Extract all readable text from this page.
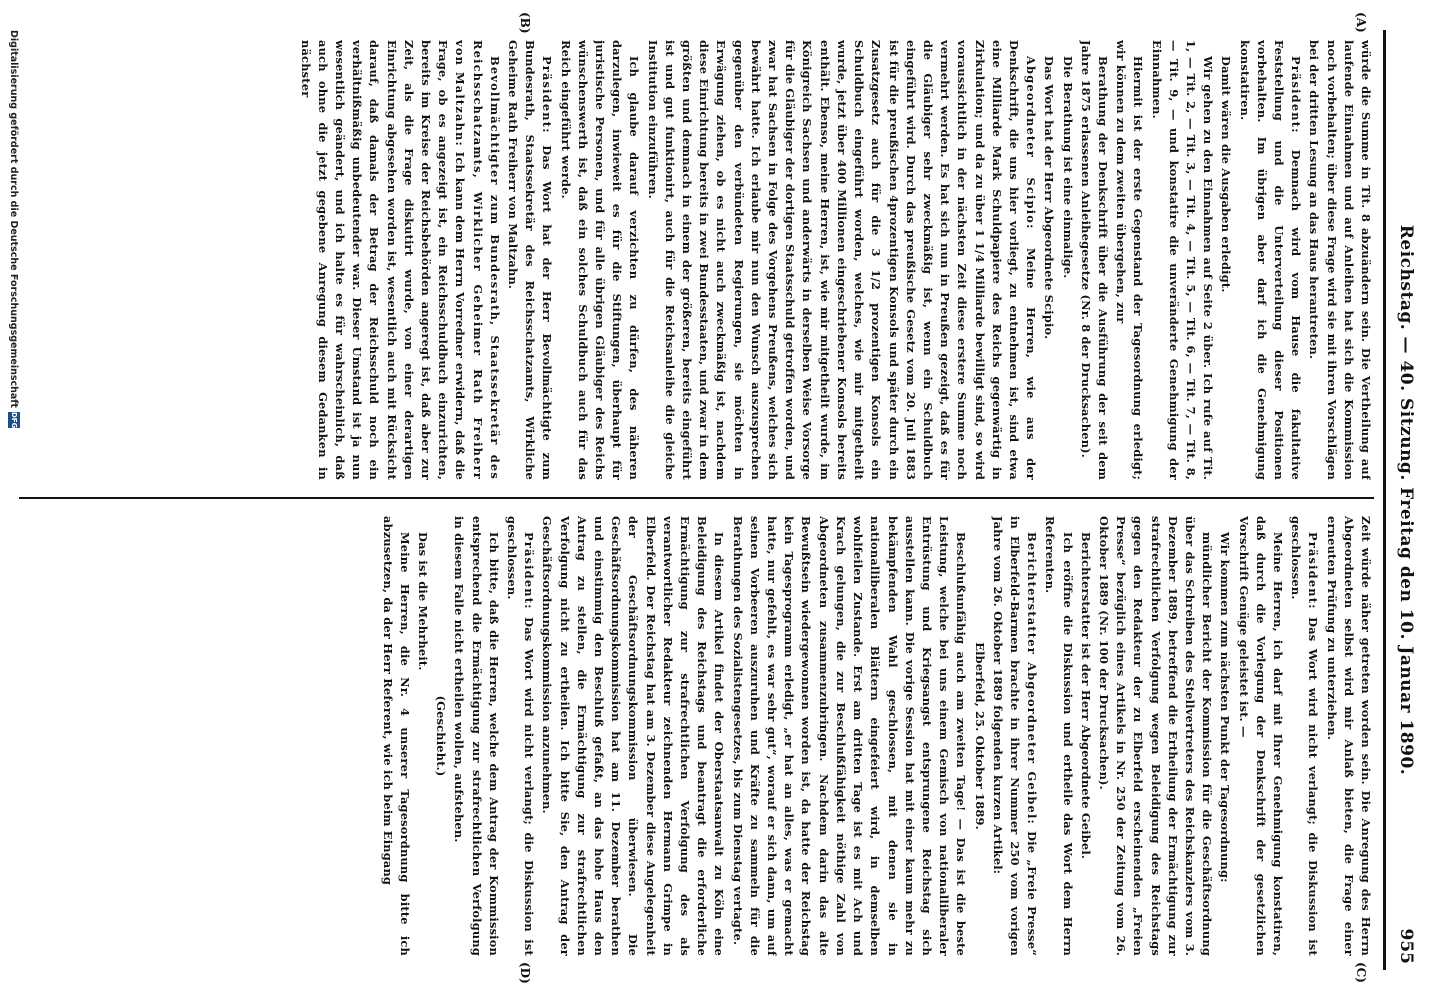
Reichstag. — 40. Sitzung. Freitag den 10. Januar 1890.
955
(A)
(B)
(C)
(D)

würde die Summe in Tit. 8 abzuändern sein. Die Vertheilung auf laufende Einnahmen und auf Anleihen hat sich die Kommission noch vorbehalten; über diese Frage wird sie mit ihren Vorschlägen bei der dritten Lesung an das Haus herantreten.

Präsident: Demnach wird vom Hause die fakultative Feststellung und die Unterverteilung dieser Positionen vorbehalten. Im übrigen aber darf ich die Genehmigung konstatiren.

Damit wären die Ausgaben erledigt.

Wir gehen zu den Einnahmen auf Seite 2 über. Ich rufe auf Tit. 1, — Tit. 2, — Tit. 3, — Tit. 4, — Tit. 5, — Tit. 6, — Tit. 7, — Tit. 8, — Tit. 9, — und konstatire die unveränderte Genehmigung der Einnahmen.

Hiermit ist der erste Gegenstand der Tagesordnung erledigt; wir können zu dem zweiten übergehen, zur

Berathung der Denkschrift über die Ausführung der seit dem Jahre 1875 erlassenen Anleihegesetze (Nr. 8 der Drucksachen).

Die Berathung ist eine einmalige.

Das Wort hat der Herr Abgeordnete Scipio.

Abgeordneter Scipio: Meine Herren, wie aus der Denkschrift, die uns hier vorliegt, zu entnehmen ist, sind etwa eine Milliarde Mark Schuldpapiere des Reichs gegenwärtig in Zirkulation; und da zu über 1 1/4 Milliarde bewilligt sind, so wird voraussichtlich in der nächsten Zeit diese erstere Summe noch vermehrt werden. Es hat sich nun in Preußen gezeigt, daß es für die Gläubiger sehr zweckmäßig ist, wenn ein Schuldbuch eingeführt wird. Durch das preußische Gesetz vom 20. Juli 1883 ist für die preußischen 4prozentigen Konsols und später durch ein Zusatzgesetz auch für die 3 1/2 prozentigen Konsols ein Schuldbuch eingeführt worden, welches, wie mir mitgetheilt wurde, jetzt über 400 Millionen eingeschriebener Konsols bereits enthält. Ebenso, meine Herren, ist, wie mir mitgetheilt wurde, im Königreich Sachsen und anderwärts in derselben Weise Vorsorge für die Gläubiger der dortigen Staatsschuld getroffen worden, und zwar hat Sachsen in Folge des Vorgehens Preußens, welches sich bewährt hatte. Ich erlaube mir nun den Wunsch auszusprechen gegenüber den verbündeten Regierungen, sie möchten in Erwägung ziehen, ob es nicht auch zweckmäßig ist, nachdem diese Einrichtung bereits in zwei Bundesstaaten, und zwar in dem größten und demnach in einem der größeren, bereits eingeführt ist und gut funktionirt, auch für die Reichsanleihe die gleiche Institution einzuführen.

Ich glaube darauf verzichten zu dürfen, des näheren darzulegen, inwieweit es für die Stiftungen, überhaupt für juristische Personen, und für alle übrigen Gläubiger des Reichs wünschenswerth ist, daß ein solches Schuldbuch auch für das Reich eingeführt werde.

Präsident: Das Wort hat der Herr Bevollmächtigte zum Bundesrath, Staatssekretär des Reichsschatzamts, Wirkliche Geheime Rath Freiherr von Maltzahn.

Bevollmächtigter zum Bundesrath, Staatssekretär des Reichsschatzamts, Wirklicher Geheimer Rath Freiherr von Maltzahn: Ich kann dem Herrn Vorredner erwidern, daß die Frage, ob es angezeigt ist, ein Reichsschuldbuch einzurichten, bereits im Kreise der Reichsbehörden angeregt ist, daß aber zur Zeit, als die Frage diskutirt wurde, von einer derartigen Einrichtung abgesehen worden ist, wesentlich auch mit Rücksicht darauf, daß damals der Betrag der Reichsschuld noch ein verhältnißmäßig unbedeutender war. Dieser Umstand ist ja nun wesentlich geändert, und ich halte es für wahrscheinlich, daß auch ohne die jetzt gegebene Anregung diesem Gedanken in nächster

Zeit würde näher getreten worden sein. Die Anregung des Herrn Abgeordneten selbst wird mir Anlaß bieten, die Frage einer erneuten Prüfung zu unterziehen.

Präsident: Das Wort wird nicht verlangt; die Diskussion ist geschlossen.

Meine Herren, ich darf mit Ihrer Genehmigung konstatiren, daß durch die Vorlegung der Denkschrift der gesetzlichen Vorschrift Genüge geleistet ist. —

Wir kommen zum nächsten Punkt der Tagesordnung:

mündlicher Bericht der Kommission für die Geschäftsordnung über das Schreiben des Stellvertreters des Reichskanzlers vom 3. Dezember 1889, betreffend die Ertheilung der Ermächtigung zur strafrechtlichen Verfolgung wegen Beleidigung des Reichstags gegen den Redakteur der zu Elberfeld erscheinenden „Freien Presse“ bezüglich eines Artikels in Nr. 250 der Zeitung vom 26. Oktober 1889 (Nr. 100 der Drucksachen).

Berichterstatter ist der Herr Abgeordnete Geibel.

Ich eröffne die Diskussion und ertheile das Wort dem Herrn Referenten.

Berichterstatter Abgeordneter Geibel: Die „Freie Presse“ in Elberfeld-Barmen brachte in ihrer Nummer 250 vom vorigen Jahre vom 26. Oktober 1889 folgenden kurzen Artikel:

Elberfeld, 25. Oktober 1889.

Beschlußunfähig auch am zweiten Tage! — Das ist die beste Leistung, welche bei uns einem Gemisch von nationalliberaler Entrüstung und Kriegsangst entsprungene Reichstag sich ausstellen kann. Die vorige Session hat mit einer kaum mehr zu bekämpfenden Wahl geschlossen, mit denen sie in nationalliberalen Blättern eingefeiert wird, in demselben wohlfeilen Zustande. Erst am dritten Tage ist es mit Ach und Krach gelungen, die zur Beschlußfähigkeit nöthige Zahl von Abgeordneten zusammenzubringen. Nachdem darin das alte Bewußtsein wiedergewonnen worden ist, da hatte der Reichstag kein Tagesprogramm erledigt, „er hat an alles, was er gemacht hatte, nur gefehlt, es war sehr gut“, worauf er sich dann, um auf seinen Vorbeeren auszuruhen und Kräfte zu sammeln für die Berathungen des Sozialistengesetzes, bis zum Dienstag vertagte.

In diesem Artikel findet der Oberstaatsanwalt zu Köln eine Beleidigung des Reichstags und beantragt die erforderliche Ermächtigung zur strafrechtlichen Verfolgung des als verantwortlicher Redakteur zeichnenden Hermann Grimpe in Elberfeld. Der Reichstag hat am 3. Dezember diese Angelegenheit der Geschäftsordnungskommission überwiesen. Die Geschäftsordnungskommission hat am 11. Dezember berathen und einstimmig den Beschluß gefaßt, an das hohe Haus den Antrag zu stellen, die Ermächtigung zur strafrechtlichen Verfolgung nicht zu ertheilen. Ich bitte Sie, den Antrag der Geschäftsordnungskommission anzunehmen.

Präsident: Das Wort wird nicht verlangt; die Diskussion ist geschlossen.

Ich bitte, daß die Herren, welche dem Antrag der Kommission entsprechend die Ermächtigung zur strafrechtlichen Verfolgung in diesem Falle nicht ertheilen wollen, aufstehen.

(Geschieht.)

Das ist die Mehrheit.

Meine Herren, die Nr. 4 unserer Tagesordnung bitte ich abzusetzen, da der Herr Referent, wie ich beim Eingang

Digitalisierung gefördert durch die Deutsche Forschungsgemeinschaft
DFG
